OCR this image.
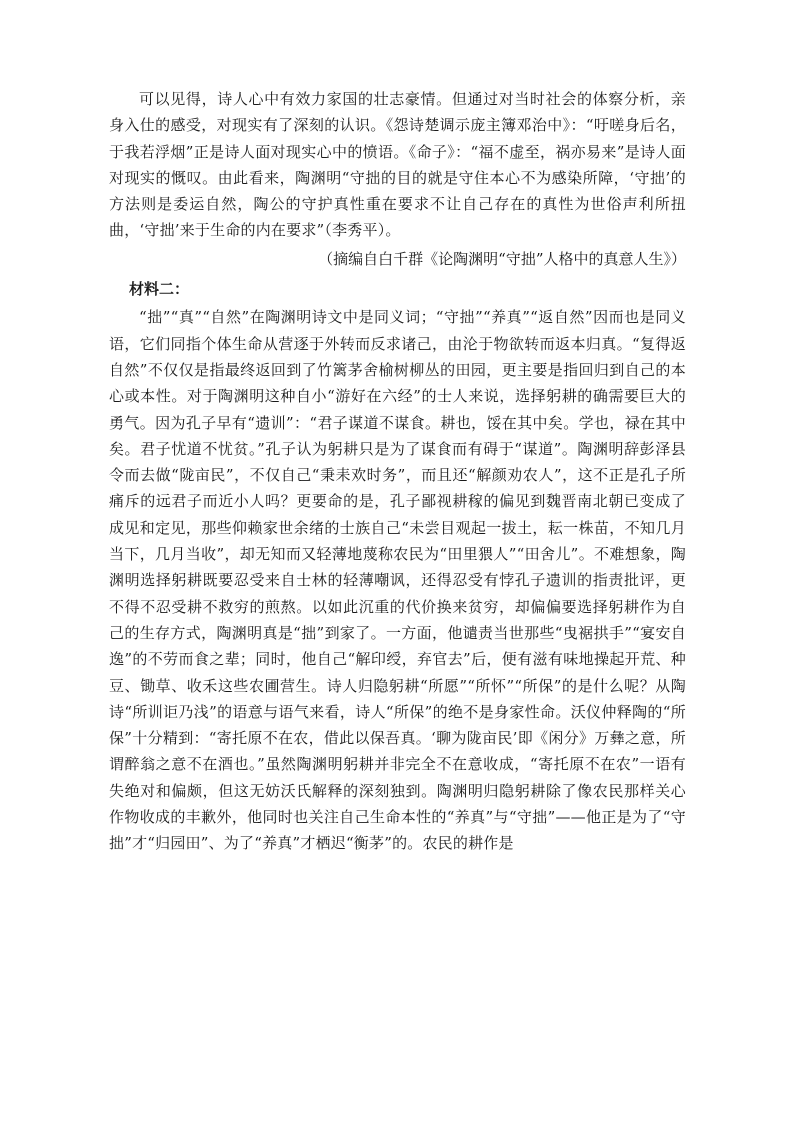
可以见得，诗人心中有效力家国的壮志豪情。但通过对当时社会的体察分析，亲身入仕的感受，对现实有了深刻的认识。《怨诗楚调示庞主簿邓治中》：“吁嗟身后名，于我若浮烟”正是诗人面对现实心中的愤语。《命子》：“福不虚至，祸亦易来”是诗人面对现实的慨叹。由此看来，陶渊明“守拙的目的就是守住本心不为感染所障，‘守拙’的方法则是委运自然，陶公的守护真性重在要求不让自己存在的真性为世俗声利所扭曲，‘守拙’来于生命的内在要求”（李秀平）。

（摘编自白千群《论陶渊明“守拙”人格中的真意人生》）

材料二：

“拙”“真”“自然”在陶渊明诗文中是同义词；“守拙”“养真”“返自然”因而也是同义语，它们同指个体生命从营逐于外转而反求诸己，由沦于物欲转而返本归真。“复得返自然”不仅仅是指最终返回到了竹篱茅舍榆树柳丛的田园，更主要是指回归到自己的本心或本性。对于陶渊明这种自小“游好在六经”的士人来说，选择躬耕的确需要巨大的勇气。因为孔子早有“遗训”：“君子谋道不谋食。耕也，馁在其中矣。学也，禄在其中矣。君子忧道不忧贫。”孔子认为躬耕只是为了谋食而有碍于“谋道”。陶渊明辞彭泽县令而去做“陇亩民”，不仅自己“秉耒欢时务”，而且还“解颜劝农人”，这不正是孔子所痛斥的远君子而近小人吗？更要命的是，孔子鄙视耕稼的偏见到魏晋南北朝已变成了成见和定见，那些仰赖家世余绪的士族自己“未尝目观起一拔土，耘一株苗，不知几月当下，几月当收”，却无知而又轻薄地蔑称农民为“田里猥人”“田舍儿”。不难想象，陶渊明选择躬耕既要忍受来自士林的轻薄嘲讽，还得忍受有悖孔子遗训的指责批评，更不得不忍受耕不救穷的煎熬。以如此沉重的代价换来贫穷，却偏偏要选择躬耕作为自己的生存方式，陶渊明真是“拙”到家了。一方面，他谴责当世那些“曳裾拱手”“宴安自逸”的不劳而食之辈；同时，他自己“解印绶，弃官去”后，便有滋有味地操起开荒、种豆、锄草、收禾这些农圃营生。诗人归隐躬耕“所愿”“所怀”“所保”的是什么呢？从陶诗“所训讵乃浅”的语意与语气来看，诗人“所保”的绝不是身家性命。沃仪仲释陶的“所保”十分精到：“寄托原不在农，借此以保吾真。‘聊为陇亩民’即《闲分》万彝之意，所谓醉翁之意不在酒也。”虽然陶渊明躬耕并非完全不在意收成，“寄托原不在农”一语有失绝对和偏颇，但这无妨沃氏解释的深刻独到。陶渊明归隐躬耕除了像农民那样关心作物收成的丰歉外，他同时也关注自己生命本性的“养真”与“守拙”——他正是为了“守拙”才“归园田”、为了“养真”才栖迟“衡茅”的。农民的耕作是
